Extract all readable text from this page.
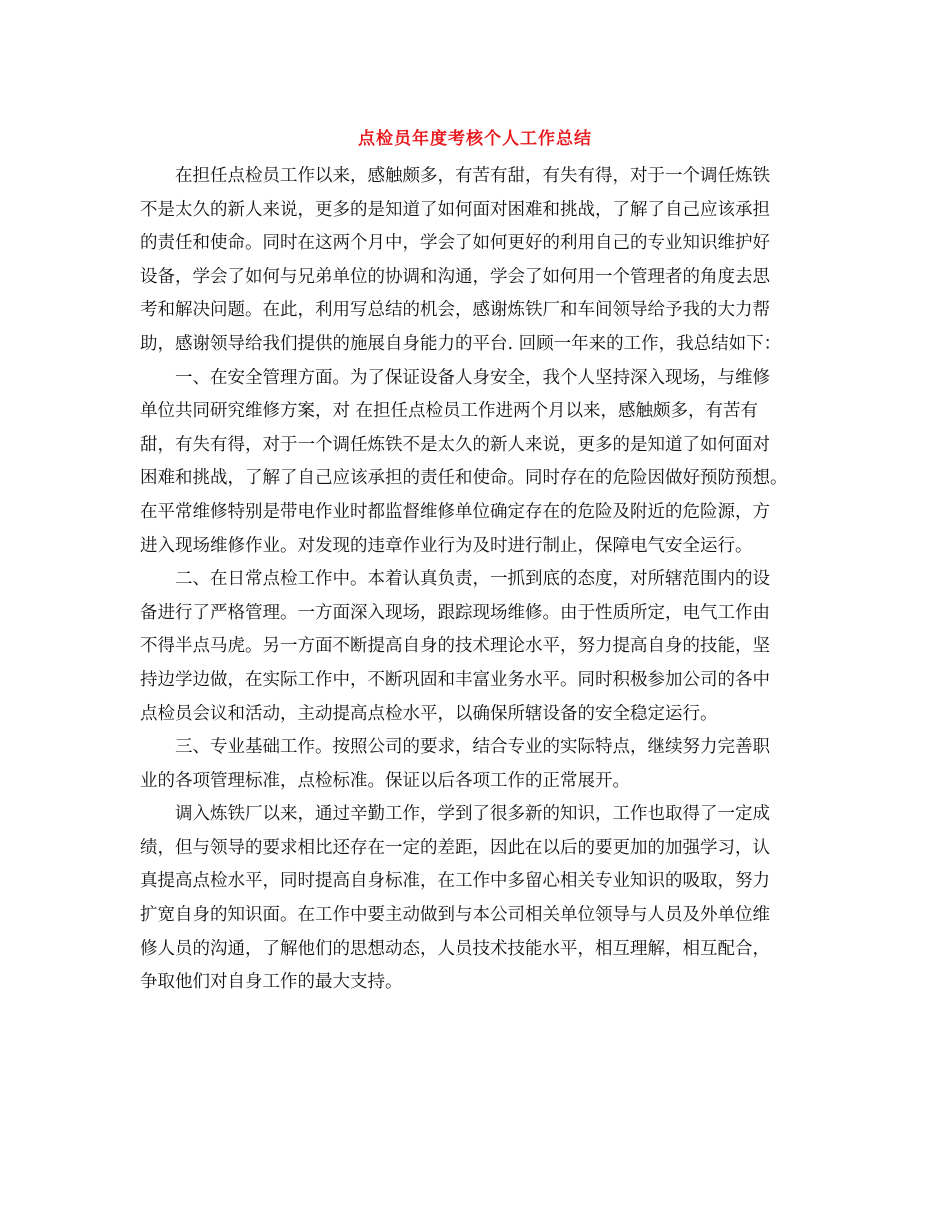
点检员年度考核个人工作总结
在担任点检员工作以来，感触颇多，有苦有甜，有失有得，对于一个调任炼铁
不是太久的新人来说，更多的是知道了如何面对困难和挑战，了解了自己应该承担
的责任和使命。同时在这两个月中，学会了如何更好的利用自己的专业知识维护好
设备，学会了如何与兄弟单位的协调和沟通，学会了如何用一个管理者的角度去思
考和解决问题。在此，利用写总结的机会，感谢炼铁厂和车间领导给予我的大力帮
助，感谢领导给我们提供的施展自身能力的平台. 回顾一年来的工作，我总结如下：
一、在安全管理方面。为了保证设备人身安全，我个人坚持深入现场，与维修
单位共同研究维修方案，对 在担任点检员工作进两个月以来，感触颇多，有苦有
甜，有失有得，对于一个调任炼铁不是太久的新人来说，更多的是知道了如何面对
困难和挑战，了解了自己应该承担的责任和使命。同时存在的危险因做好预防预想。
在平常维修特别是带电作业时都监督维修单位确定存在的危险及附近的危险源，方
进入现场维修作业。对发现的违章作业行为及时进行制止，保障电气安全运行。
二、在日常点检工作中。本着认真负责，一抓到底的态度，对所辖范围内的设
备进行了严格管理。一方面深入现场，跟踪现场维修。由于性质所定，电气工作由
不得半点马虎。另一方面不断提高自身的技术理论水平，努力提高自身的技能，坚
持边学边做，在实际工作中，不断巩固和丰富业务水平。同时积极参加公司的各中
点检员会议和活动，主动提高点检水平，以确保所辖设备的安全稳定运行。
三、专业基础工作。按照公司的要求，结合专业的实际特点，继续努力完善职
业的各项管理标准，点检标准。保证以后各项工作的正常展开。
调入炼铁厂以来，通过辛勤工作，学到了很多新的知识，工作也取得了一定成
绩，但与领导的要求相比还存在一定的差距，因此在以后的要更加的加强学习，认
真提高点检水平，同时提高自身标准，在工作中多留心相关专业知识的吸取，努力
扩宽自身的知识面。在工作中要主动做到与本公司相关单位领导与人员及外单位维
修人员的沟通，了解他们的思想动态，人员技术技能水平，相互理解，相互配合，
争取他们对自身工作的最大支持。
